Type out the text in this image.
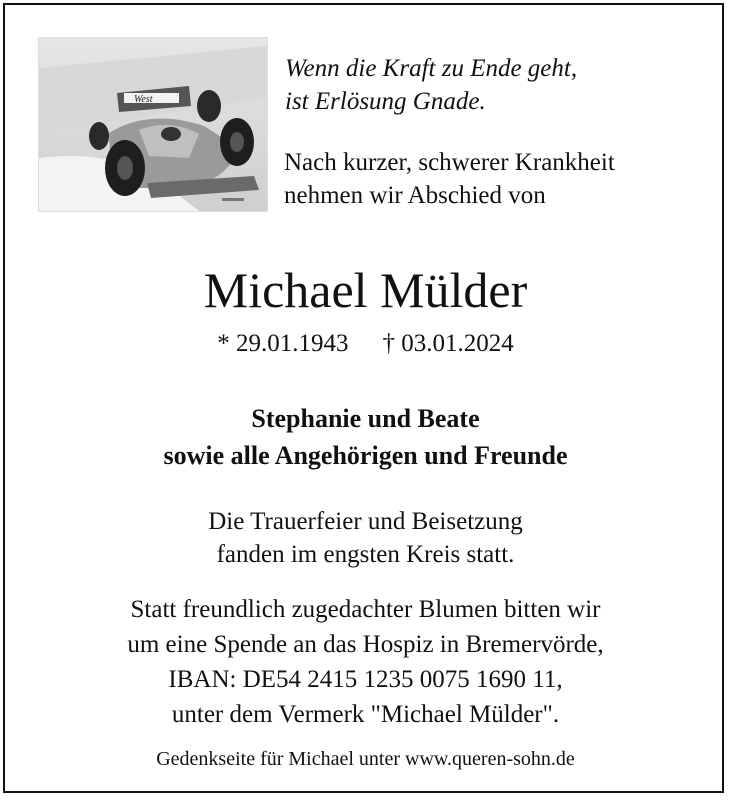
West

Wenn die Kraft zu Ende geht,
ist Erlösung Gnade.

Nach kurzer, schwerer Krankheit
nehmen wir Abschied von

Michael Mülder
* 29.01.1943 † 03.01.2024

Stephanie und Beate
sowie alle Angehörigen und Freunde

Die Trauerfeier und Beisetzung
fanden im engsten Kreis statt.

Statt freundlich zugedachter Blumen bitten wir
um eine Spende an das Hospiz in Bremervörde,
IBAN: DE54 2415 1235 0075 1690 11,
unter dem Vermerk "Michael Mülder".

Gedenkseite für Michael unter www.queren-sohn.de
